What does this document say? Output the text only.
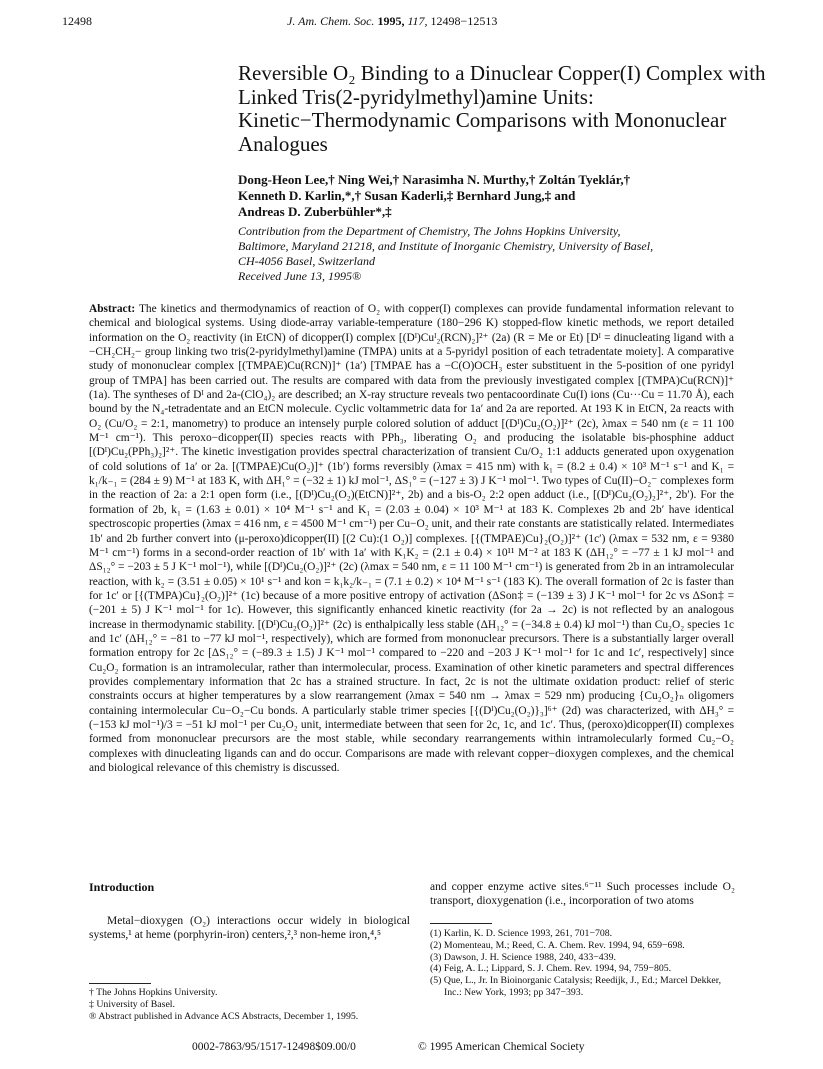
12498	J. Am. Chem. Soc. 1995, 117, 12498−12513
Reversible O₂ Binding to a Dinuclear Copper(I) Complex with Linked Tris(2-pyridylmethyl)amine Units: Kinetic−Thermodynamic Comparisons with Mononuclear Analogues
Dong-Heon Lee,† Ning Wei,† Narasimha N. Murthy,† Zoltán Tyeklár,†
Kenneth D. Karlin,*,† Susan Kaderli,‡ Bernhard Jung,‡ and
Andreas D. Zuberbühler*,‡
Contribution from the Department of Chemistry, The Johns Hopkins University,
Baltimore, Maryland 21218, and Institute of Inorganic Chemistry, University of Basel,
CH-4056 Basel, Switzerland
Received June 13, 1995®
Abstract: The kinetics and thermodynamics of reaction of O₂ with copper(I) complexes can provide fundamental information relevant to chemical and biological systems. Using diode-array variable-temperature (180−296 K) stopped-flow kinetic methods, we report detailed information on the O₂ reactivity (in EtCN) of dicopper(I) complex [(Dᴵ)Cuᴵ₂(RCN)₂]²⁺ (2a) (R = Me or Et) [Dᴵ = dinucleating ligand with a −CH₂CH₂− group linking two tris(2-pyridylmethyl)amine (TMPA) units at a 5-pyridyl position of each tetradentate moiety]. A comparative study of mononuclear complex [(TMPAE)Cu(RCN)]⁺ (1a′) [TMPAE has a −C(O)OCH₃ ester substituent in the 5-position of one pyridyl group of TMPA] has been carried out. The results are compared with data from the previously investigated complex [(TMPA)Cu(RCN)]⁺ (1a). The syntheses of Dᴵ and 2a-(ClO₄)₂ are described; an X-ray structure reveals two pentacoordinate Cu(I) ions (Cu···Cu = 11.70 Å), each bound by the N₄-tetradentate and an EtCN molecule. Cyclic voltammetric data for 1a′ and 2a are reported. At 193 K in EtCN, 2a reacts with O₂ (Cu/O₂ = 2:1, manometry) to produce an intensely purple colored solution of adduct [(Dᴵ)Cu₂(O₂)]²⁺ (2c), λmax = 540 nm (ε = 11 100 M⁻¹ cm⁻¹). This peroxo−dicopper(II) species reacts with PPh₃, liberating O₂ and producing the isolatable bis-phosphine adduct [(Dᴵ)Cu₂(PPh₃)₂]²⁺. The kinetic investigation provides spectral characterization of transient Cu/O₂ 1:1 adducts generated upon oxygenation of cold solutions of 1a′ or 2a. [(TMPAE)Cu(O₂)]⁺ (1b′) forms reversibly (λmax = 415 nm) with k₁ = (8.2 ± 0.4) × 10³ M⁻¹ s⁻¹ and K₁ = k₁/k₋₁ = (284 ± 9) M⁻¹ at 183 K, with ΔH₁° = (−32 ± 1) kJ mol⁻¹, ΔS₁° = (−127 ± 3) J K⁻¹ mol⁻¹. Two types of Cu(II)−O₂⁻ complexes form in the reaction of 2a: a 2:1 open form (i.e., [(Dᴵ)Cu₂(O₂)(EtCN)]²⁺, 2b) and a bis-O₂ 2:2 open adduct (i.e., [(Dᴵ)Cu₂(O₂)₂]²⁺, 2b′). For the formation of 2b, k₁ = (1.63 ± 0.01) × 10⁴ M⁻¹ s⁻¹ and K₁ = (2.03 ± 0.04) × 10³ M⁻¹ at 183 K. Complexes 2b and 2b′ have identical spectroscopic properties (λmax = 416 nm, ε = 4500 M⁻¹ cm⁻¹) per Cu−O₂ unit, and their rate constants are statistically related. Intermediates 1b′ and 2b further convert into (μ-peroxo)dicopper(II) [(2 Cu):(1 O₂)] complexes. [{(TMPAE)Cu}₂(O₂)]²⁺ (1c′) (λmax = 532 nm, ε = 9380 M⁻¹ cm⁻¹) forms in a second-order reaction of 1b′ with 1a′ with K₁K₂ = (2.1 ± 0.4) × 10¹¹ M⁻² at 183 K (ΔH₁₂° = −77 ± 1 kJ mol⁻¹ and ΔS₁₂° = −203 ± 5 J K⁻¹ mol⁻¹), while [(Dᴵ)Cu₂(O₂)]²⁺ (2c) (λmax = 540 nm, ε = 11 100 M⁻¹ cm⁻¹) is generated from 2b in an intramolecular reaction, with k₂ = (3.51 ± 0.05) × 10¹ s⁻¹ and kon = k₁k₂/k₋₁ = (7.1 ± 0.2) × 10⁴ M⁻¹ s⁻¹ (183 K). The overall formation of 2c is faster than for 1c′ or [{(TMPA)Cu}₂(O₂)]²⁺ (1c) because of a more positive entropy of activation (ΔSon‡ = (−139 ± 3) J K⁻¹ mol⁻¹ for 2c vs ΔSon‡ = (−201 ± 5) J K⁻¹ mol⁻¹ for 1c). However, this significantly enhanced kinetic reactivity (for 2a → 2c) is not reflected by an analogous increase in thermodynamic stability. [(Dᴵ)Cu₂(O₂)]²⁺ (2c) is enthalpically less stable (ΔH₁₂° = (−34.8 ± 0.4) kJ mol⁻¹) than Cu₂O₂ species 1c and 1c′ (ΔH₁₂° = −81 to −77 kJ mol⁻¹, respectively), which are formed from mononuclear precursors. There is a substantially larger overall formation entropy for 2c [ΔS₁₂° = (−89.3 ± 1.5) J K⁻¹ mol⁻¹ compared to −220 and −203 J K⁻¹ mol⁻¹ for 1c and 1c′, respectively] since Cu₂O₂ formation is an intramolecular, rather than intermolecular, process. Examination of other kinetic parameters and spectral differences provides complementary information that 2c has a strained structure. In fact, 2c is not the ultimate oxidation product: relief of steric constraints occurs at higher temperatures by a slow rearrangement (λmax = 540 nm → λmax = 529 nm) producing {Cu₂O₂}ₙ oligomers containing intermolecular Cu−O₂−Cu bonds. A particularly stable trimer species [{(Dᴵ)Cu₂(O₂)}₃]⁶⁺ (2d) was characterized, with ΔH₃° = (−153 kJ mol⁻¹)/3 = −51 kJ mol⁻¹ per Cu₂O₂ unit, intermediate between that seen for 2c, 1c, and 1c′. Thus, (peroxo)dicopper(II) complexes formed from mononuclear precursors are the most stable, while secondary rearrangements within intramolecularly formed Cu₂−O₂ complexes with dinucleating ligands can and do occur. Comparisons are made with relevant copper−dioxygen complexes, and the chemical and biological relevance of this chemistry is discussed.
Introduction
Metal−dioxygen (O₂) interactions occur widely in biological systems,¹ at heme (porphyrin-iron) centers,²,³ non-heme iron,⁴,⁵
and copper enzyme active sites.⁶⁻¹¹ Such processes include O₂ transport, dioxygenation (i.e., incorporation of two atoms
† The Johns Hopkins University.
‡ University of Basel.
® Abstract published in Advance ACS Abstracts, December 1, 1995.
(1) Karlin, K. D. Science 1993, 261, 701−708.
(2) Momenteau, M.; Reed, C. A. Chem. Rev. 1994, 94, 659−698.
(3) Dawson, J. H. Science 1988, 240, 433−439.
(4) Feig, A. L.; Lippard, S. J. Chem. Rev. 1994, 94, 759−805.
(5) Que, L., Jr. In Bioinorganic Catalysis; Reedijk, J., Ed.; Marcel Dekker, Inc.: New York, 1993; pp 347−393.
0002-7863/95/1517-12498$09.00/0	© 1995 American Chemical Society
